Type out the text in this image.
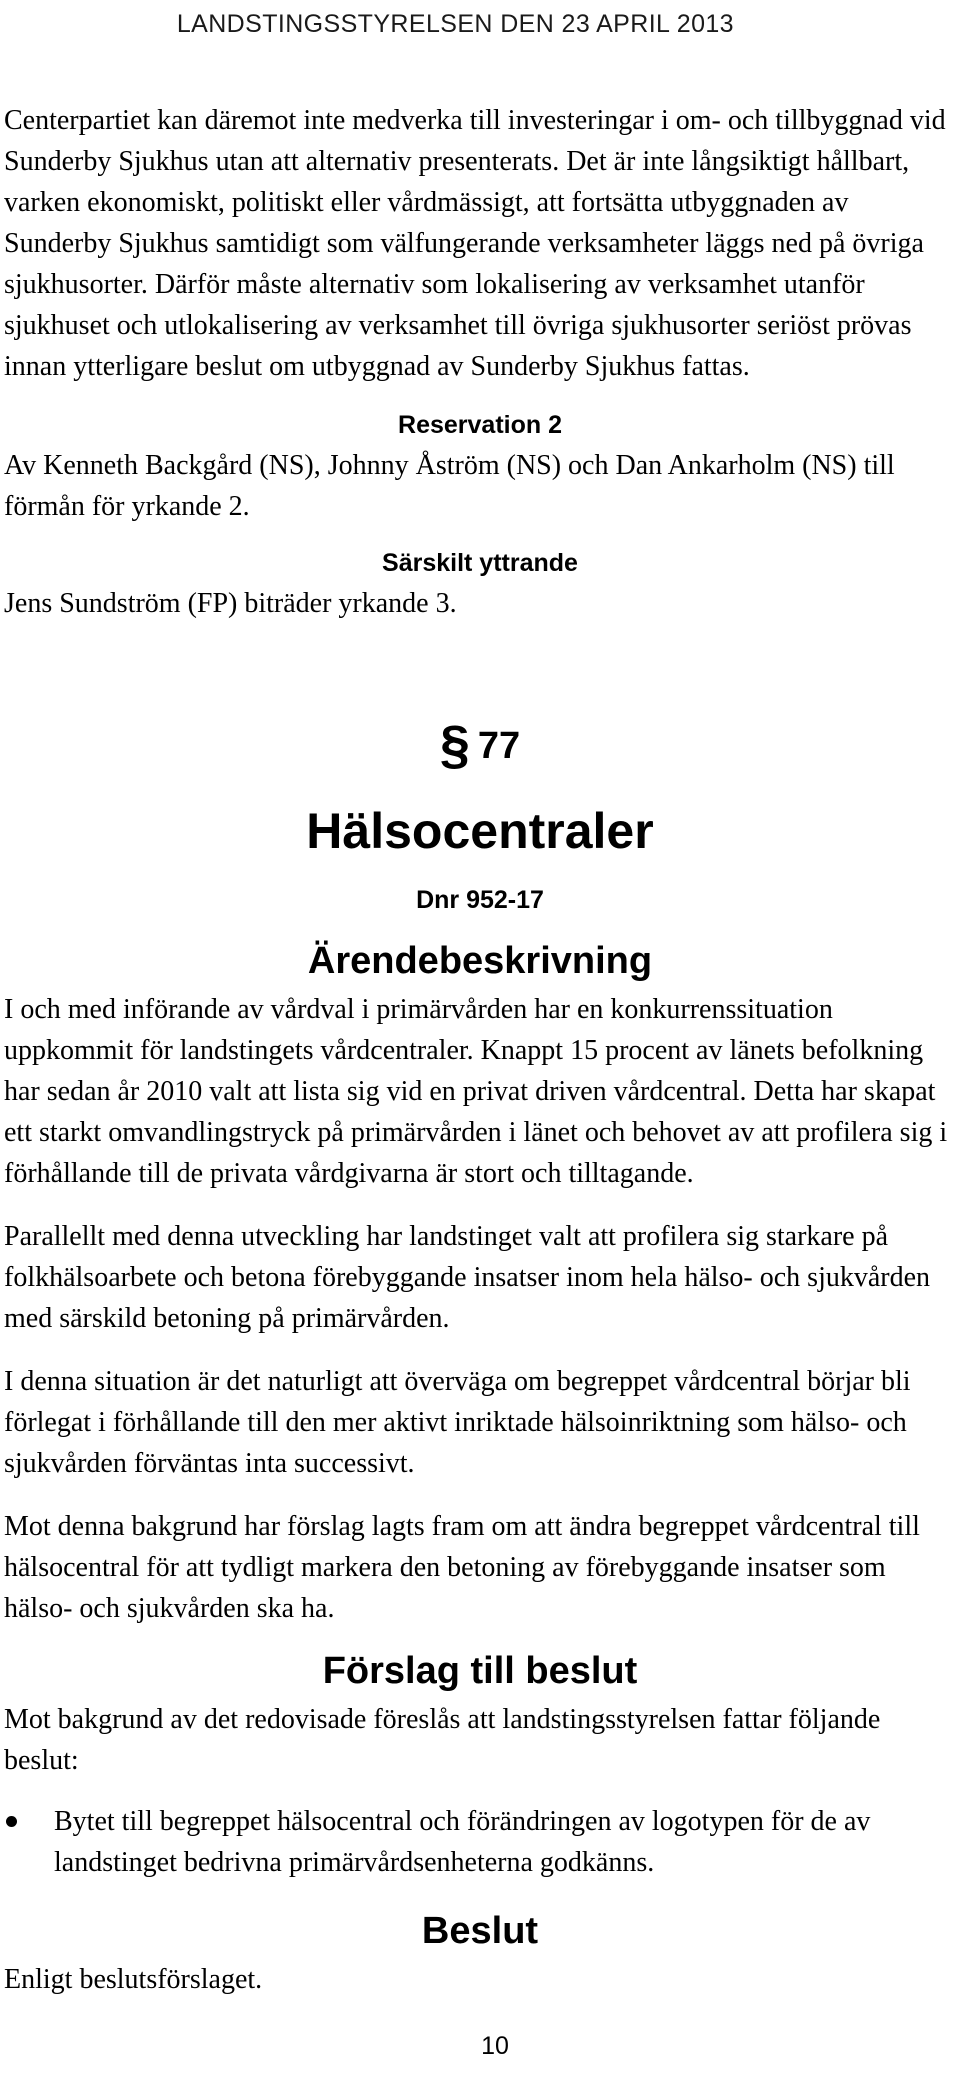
LANDSTINGSSTYRELSEN DEN 23 APRIL 2013

Centerpartiet kan däremot inte medverka till investeringar i om- och tillbyggnad vid Sunderby Sjukhus utan att alternativ presenterats. Det är inte långsiktigt hållbart, varken ekonomiskt, politiskt eller vårdmässigt, att fortsätta utbyggnaden av Sunderby Sjukhus samtidigt som välfungerande verksamheter läggs ned på övriga sjukhusorter. Därför måste alternativ som lokalisering av verksamhet utanför sjukhuset och utlokalisering av verksamhet till övriga sjukhusorter seriöst prövas innan ytterligare beslut om utbyggnad av Sunderby Sjukhus fattas.

Reservation 2

Av Kenneth Backgård (NS), Johnny Åström (NS) och Dan Ankarholm (NS) till förmån för yrkande 2.

Särskilt yttrande

Jens Sundström (FP) biträder yrkande 3.

§ 77
Hälsocentraler
Dnr 952-17
Ärendebeskrivning

I och med införande av vårdval i primärvården har en konkurrenssituation uppkommit för landstingets vårdcentraler. Knappt 15 procent av länets befolkning har sedan år 2010 valt att lista sig vid en privat driven vårdcentral. Detta har skapat ett starkt omvandlingstryck på primärvården i länet och behovet av att profilera sig i förhållande till de privata vårdgivarna är stort och tilltagande.

Parallellt med denna utveckling har landstinget valt att profilera sig starkare på folkhälsoarbete och betona förebyggande insatser inom hela hälso- och sjukvården med särskild betoning på primärvården.

I denna situation är det naturligt att överväga om begreppet vårdcentral börjar bli förlegat i förhållande till den mer aktivt inriktade hälsoinriktning som hälso- och sjukvården förväntas inta successivt.

Mot denna bakgrund har förslag lagts fram om att ändra begreppet vårdcentral till hälsocentral för att tydligt markera den betoning av förebyggande insatser som hälso- och sjukvården ska ha.

Förslag till beslut

Mot bakgrund av det redovisade föreslås att landstingsstyrelsen fattar följande beslut:

Bytet till begreppet hälsocentral och förändringen av logotypen för de av landstinget bedrivna primärvårdsenheterna godkänns.
Beslut

Enligt beslutsförslaget.

10
